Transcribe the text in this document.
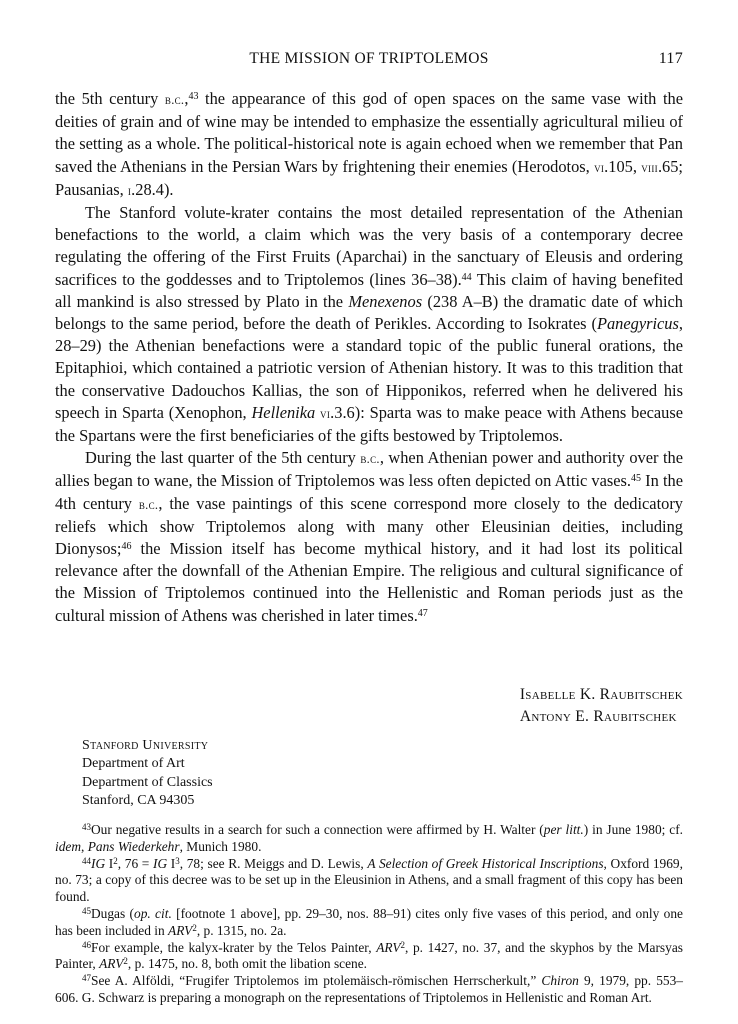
THE MISSION OF TRIPTOLEMOS	117

the 5th century b.c.,$^{43}$ the appearance of this god of open spaces on the same vase with the deities of grain and of wine may be intended to emphasize the essentially agricultural milieu of the setting as a whole. The political-historical note is again echoed when we remember that Pan saved the Athenians in the Persian Wars by frightening their enemies (Herodotos, vi.105, viii.65; Pausanias, i.28.4).

The Stanford volute-krater contains the most detailed representation of the Athenian benefactions to the world, a claim which was the very basis of a contemporary decree regulating the offering of the First Fruits (Aparchai) in the sanctuary of Eleusis and ordering sacrifices to the goddesses and to Triptolemos (lines 36–38).$^{44}$ This claim of having benefited all mankind is also stressed by Plato in the Menexenos (238 A–B) the dramatic date of which belongs to the same period, before the death of Perikles. According to Isokrates (Panegyricus, 28–29) the Athenian benefactions were a standard topic of the public funeral orations, the Epitaphioi, which contained a patriotic version of Athenian history. It was to this tradition that the conservative Dadouchos Kallias, the son of Hipponikos, referred when he delivered his speech in Sparta (Xenophon, Hellenika vi.3.6): Sparta was to make peace with Athens because the Spartans were the first beneficiaries of the gifts bestowed by Triptolemos.

During the last quarter of the 5th century b.c., when Athenian power and authority over the allies began to wane, the Mission of Triptolemos was less often depicted on Attic vases.$^{45}$ In the 4th century b.c., the vase paintings of this scene correspond more closely to the dedicatory reliefs which show Triptolemos along with many other Eleusinian deities, including Dionysos;$^{46}$ the Mission itself has become mythical history, and it had lost its political relevance after the downfall of the Athenian Empire. The religious and cultural significance of the Mission of Triptolemos continued into the Hellenistic and Roman periods just as the cultural mission of Athens was cherished in later times.$^{47}$

Isabelle K. Raubitschek
Antony E. Raubitschek
Stanford University
Department of Art
Department of Classics
Stanford, CA 94305

$^{43}$Our negative results in a search for such a connection were affirmed by H. Walter (per litt.) in June 1980; cf. idem, Pans Wiederkehr, Munich 1980.

$^{44}$IG $I^2$, 76 = IG $I^3$, 78; see R. Meiggs and D. Lewis, A Selection of Greek Historical Inscriptions, Oxford 1969, no. 73; a copy of this decree was to be set up in the Eleusinion in Athens, and a small fragment of this copy has been found.

$^{45}$Dugas (op. cit. [footnote 1 above], pp. 29–30, nos. 88–91) cites only five vases of this period, and only one has been included in ARV$^2$, p. 1315, no. 2a.

$^{46}$For example, the kalyx-krater by the Telos Painter, ARV$^2$, p. 1427, no. 37, and the skyphos by the Marsyas Painter, ARV$^2$, p. 1475, no. 8, both omit the libation scene.

$^{47}$See A. Alföldi, “Frugifer Triptolemos im ptolemäisch-römischen Herrscherkult,” Chiron 9, 1979, pp. 553–606. G. Schwarz is preparing a monograph on the representations of Triptolemos in Hellenistic and Roman Art.
